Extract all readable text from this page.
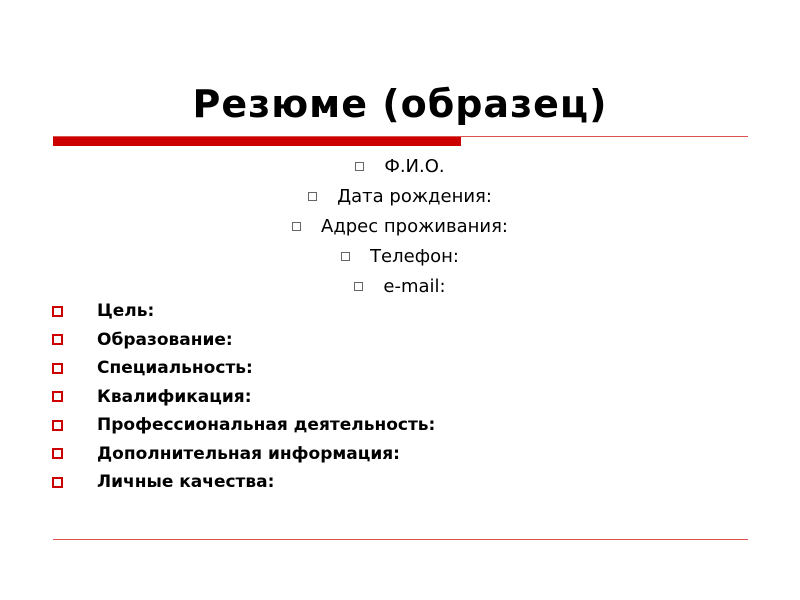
Резюме (образец)
Ф.И.О.
Дата рождения:
Адрес проживания:
Телефон:
e-mail:
Цель:
Образование:
Специальность:
Квалификация:
Профессиональная деятельность:
Дополнительная информация:
Личные качества:
